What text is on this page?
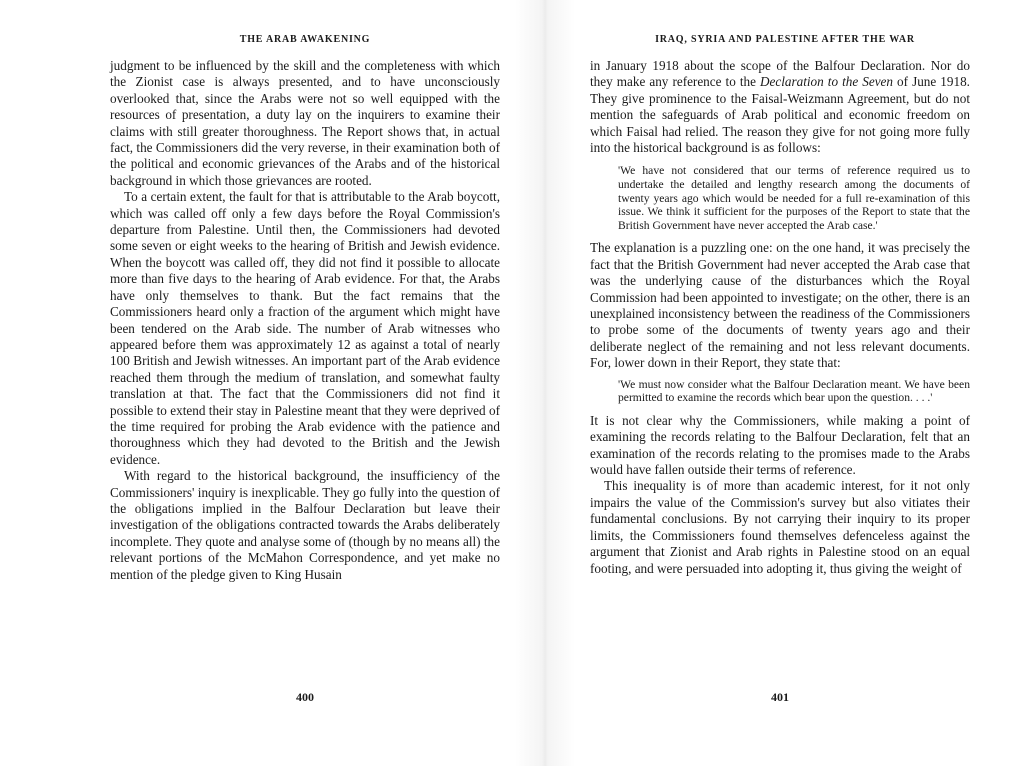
THE ARAB AWAKENING

judgment to be influenced by the skill and the completeness with which the Zionist case is always presented, and to have unconsciously overlooked that, since the Arabs were not so well equipped with the resources of presentation, a duty lay on the inquirers to examine their claims with still greater thoroughness. The Report shows that, in actual fact, the Commissioners did the very reverse, in their examination both of the political and economic grievances of the Arabs and of the historical background in which those grievances are rooted.

To a certain extent, the fault for that is attributable to the Arab boycott, which was called off only a few days before the Royal Commission's departure from Palestine. Until then, the Commissioners had devoted some seven or eight weeks to the hearing of British and Jewish evidence. When the boycott was called off, they did not find it possible to allocate more than five days to the hearing of Arab evidence. For that, the Arabs have only themselves to thank. But the fact remains that the Commissioners heard only a fraction of the argument which might have been tendered on the Arab side. The number of Arab witnesses who appeared before them was approximately 12 as against a total of nearly 100 British and Jewish witnesses. An important part of the Arab evidence reached them through the medium of translation, and somewhat faulty translation at that. The fact that the Commissioners did not find it possible to extend their stay in Palestine meant that they were deprived of the time required for probing the Arab evidence with the patience and thoroughness which they had devoted to the British and the Jewish evidence.

With regard to the historical background, the insufficiency of the Commissioners' inquiry is inexplicable. They go fully into the question of the obligations implied in the Balfour Declaration but leave their investigation of the obligations contracted towards the Arabs deliberately incomplete. They quote and analyse some of (though by no means all) the relevant portions of the McMahon Correspondence, and yet make no mention of the pledge given to King Husain

400
IRAQ, SYRIA AND PALESTINE AFTER THE WAR

in January 1918 about the scope of the Balfour Declaration. Nor do they make any reference to the Declaration to the Seven of June 1918. They give prominence to the Faisal-Weizmann Agreement, but do not mention the safeguards of Arab political and economic freedom on which Faisal had relied. The reason they give for not going more fully into the historical background is as follows:

'We have not considered that our terms of reference required us to undertake the detailed and lengthy research among the documents of twenty years ago which would be needed for a full re-examination of this issue. We think it sufficient for the purposes of the Report to state that the British Government have never accepted the Arab case.'

The explanation is a puzzling one: on the one hand, it was precisely the fact that the British Government had never accepted the Arab case that was the underlying cause of the disturbances which the Royal Commission had been appointed to investigate; on the other, there is an unexplained inconsistency between the readiness of the Commissioners to probe some of the documents of twenty years ago and their deliberate neglect of the remaining and not less relevant documents. For, lower down in their Report, they state that:

'We must now consider what the Balfour Declaration meant. We have been permitted to examine the records which bear upon the question. . . .'

It is not clear why the Commissioners, while making a point of examining the records relating to the Balfour Declaration, felt that an examination of the records relating to the promises made to the Arabs would have fallen outside their terms of reference.

This inequality is of more than academic interest, for it not only impairs the value of the Commission's survey but also vitiates their fundamental conclusions. By not carrying their inquiry to its proper limits, the Commissioners found themselves defenceless against the argument that Zionist and Arab rights in Palestine stood on an equal footing, and were persuaded into adopting it, thus giving the weight of

401
